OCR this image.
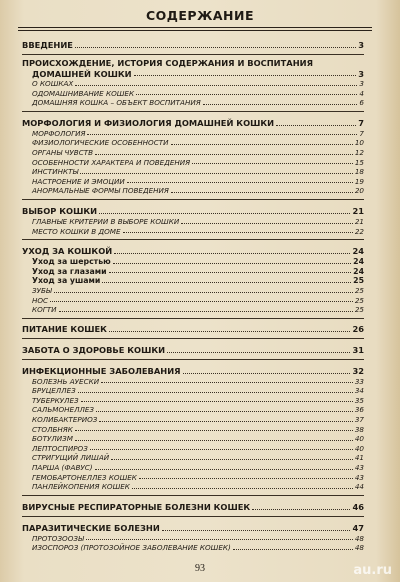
СОДЕРЖАНИЕ
ВВЕДЕНИЕ	3
ПРОИСХОЖДЕНИЕ, ИСТОРИЯ СОДЕРЖАНИЯ И ВОСПИТАНИЯ
ДОМАШНЕЙ КОШКИ	3
О КОШКАХ	3
ОДОМАШНИВАНИЕ КОШЕК	4
ДОМАШНЯЯ КОШКА – ОБЪЕКТ ВОСПИТАНИЯ	6
МОРФОЛОГИЯ И ФИЗИОЛОГИЯ ДОМАШНЕЙ КОШКИ	7
МОРФОЛОГИЯ	7
ФИЗИОЛОГИЧЕСКИЕ ОСОБЕННОСТИ	10
ОРГАНЫ ЧУВСТВ	12
ОСОБЕННОСТИ ХАРАКТЕРА И ПОВЕДЕНИЯ	15
ИНСТИНКТЫ	18
НАСТРОЕНИЕ И ЭМОЦИИ	19
АНОРМАЛЬНЫЕ ФОРМЫ ПОВЕДЕНИЯ	20
ВЫБОР КОШКИ	21
ГЛАВНЫЕ КРИТЕРИИ В ВЫБОРЕ КОШКИ	21
МЕСТО КОШКИ В ДОМЕ	22
УХОД ЗА КОШКОЙ	24
Уход за шерстью	24
Уход за глазами	24
Уход за ушами	25
ЗУБЫ	25
НОС	25
КОГТИ	25
ПИТАНИЕ КОШЕК	26
ЗАБОТА О ЗДОРОВЬЕ КОШКИ	31
ИНФЕКЦИОННЫЕ ЗАБОЛЕВАНИЯ	32
БОЛЕЗНЬ АУЕСКИ	33
БРУЦЕЛЛЕЗ	34
ТУБЕРКУЛЕЗ	35
САЛЬМОНЕЛЛЕЗ	36
КОЛИБАКТЕРИОЗ	37
СТОЛБНЯК	38
БОТУЛИЗМ	40
ЛЕПТОСПИРОЗ	40
СТРИГУЩИЙ ЛИШАЙ	41
ПАРША (ФАВУС)	43
ГЕМОБАРТОНЕЛЛЕЗ КОШЕК	43
ПАНЛЕЙКОПЕНИЯ КОШЕК	44
ВИРУСНЫЕ РЕСПИРАТОРНЫЕ БОЛЕЗНИ КОШЕК	46
ПАРАЗИТИЧЕСКИЕ БОЛЕЗНИ	47
ПРОТОЗООЗЫ	48
ИЗОСПОРОЗ (ПРОТОЗОЙНОЕ ЗАБОЛЕВАНИЕ КОШЕК)	48
93	au.ru
